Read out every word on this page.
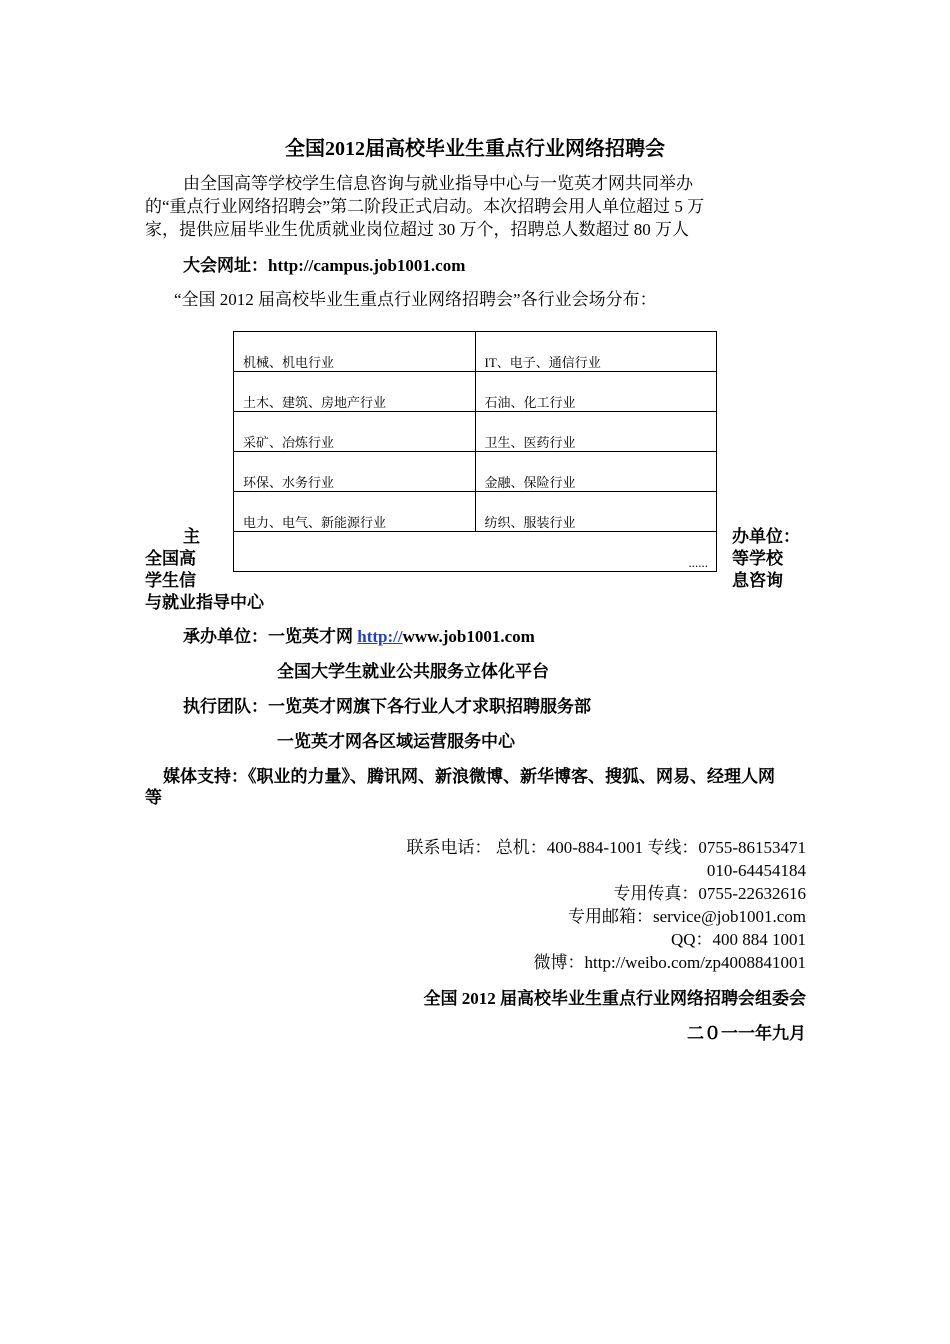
全国2012届高校毕业生重点行业网络招聘会
由全国高等学校学生信息咨询与就业指导中心与一览英才网共同举办
的“重点行业网络招聘会”第二阶段正式启动。本次招聘会用人单位超过 5 万
家，提供应届毕业生优质就业岗位超过 30 万个，招聘总人数超过 80 万人
大会网址：http://campus.job1001.com
“全国 2012 届高校毕业生重点行业网络招聘会”各行业会场分布：
机械、机电行业	IT、电子、通信行业
土木、建筑、房地产行业	石油、化工行业
采矿、冶炼行业	卫生、医药行业
环保、水务行业	金融、保险行业
电力、电气、新能源行业	纺织、服装行业
......	
主
全国高
学生信
与就业指导中心
办单位：
等学校
息咨询
承办单位：一览英才网 http://www.job1001.com
全国大学生就业公共服务立体化平台
执行团队：一览英才网旗下各行业人才求职招聘服务部
一览英才网各区域运营服务中心
媒体支持：《职业的力量》、腾讯网、新浪微博、新华博客、搜狐、网易、经理人网
等
联系电话： 总机：400-884-1001 专线：0755-86153471
010-64454184
专用传真：0755-22632616
专用邮箱：service@job1001.com
QQ：400 884 1001
微博：http://weibo.com/zp4008841001
全国 2012 届高校毕业生重点行业网络招聘会组委会
二０一一年九月
